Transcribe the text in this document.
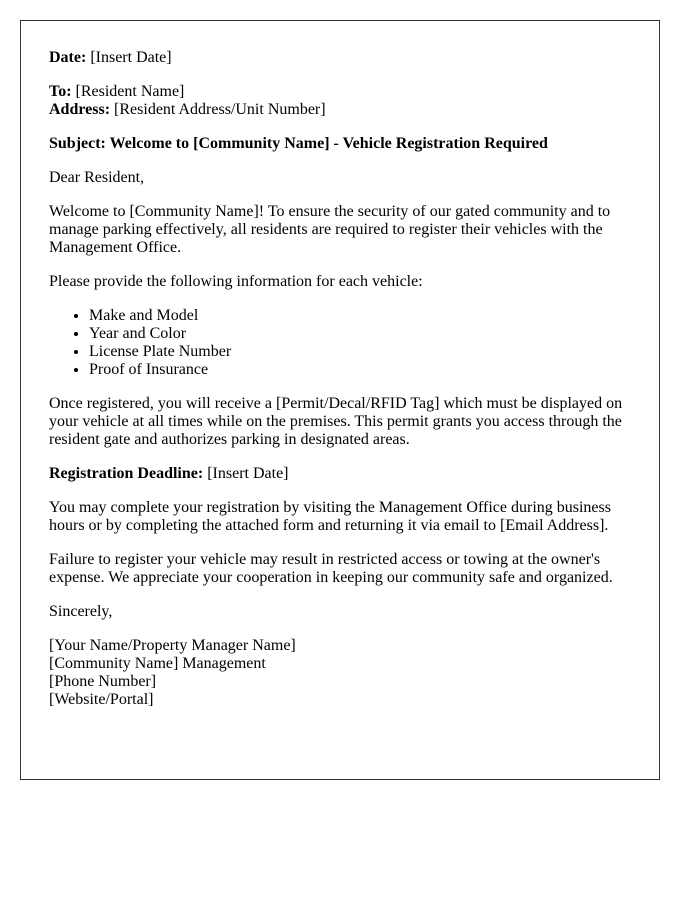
Date: [Insert Date]

To: [Resident Name]
Address: [Resident Address/Unit Number]

Subject: Welcome to [Community Name] - Vehicle Registration Required

Dear Resident,

Welcome to [Community Name]! To ensure the security of our gated community and to manage parking effectively, all residents are required to register their vehicles with the Management Office.

Please provide the following information for each vehicle:

• Make and Model
• Year and Color
• License Plate Number
• Proof of Insurance

Once registered, you will receive a [Permit/Decal/RFID Tag] which must be displayed on your vehicle at all times while on the premises. This permit grants you access through the resident gate and authorizes parking in designated areas.

Registration Deadline: [Insert Date]

You may complete your registration by visiting the Management Office during business hours or by completing the attached form and returning it via email to [Email Address].

Failure to register your vehicle may result in restricted access or towing at the owner's expense. We appreciate your cooperation in keeping our community safe and organized.

Sincerely,

[Your Name/Property Manager Name]
[Community Name] Management
[Phone Number]
[Website/Portal]
